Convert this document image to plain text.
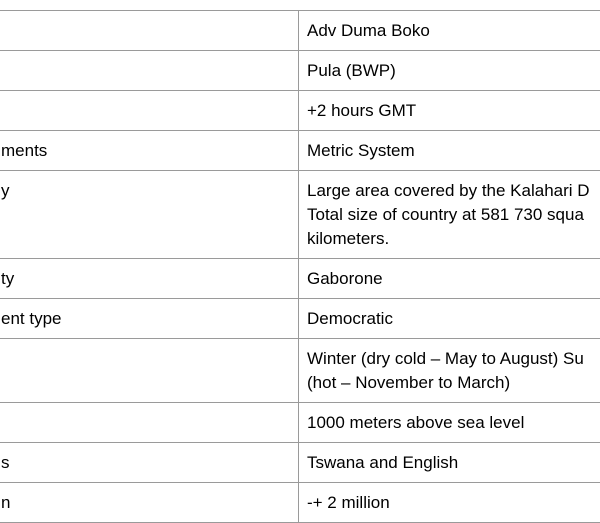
	Adv Duma Boko

	Pula (BWP)

	+2 hours GMT

ments	Metric System

y	Large area covered by the Kalahari D
Total size of country at 581 730 squa
kilometers.

ty	Gaborone

ent type	Democratic

	Winter (dry cold – May to August) Su
(hot – November to March)

	1000 meters above sea level

s	Tswana and English

n	-+ 2 million
